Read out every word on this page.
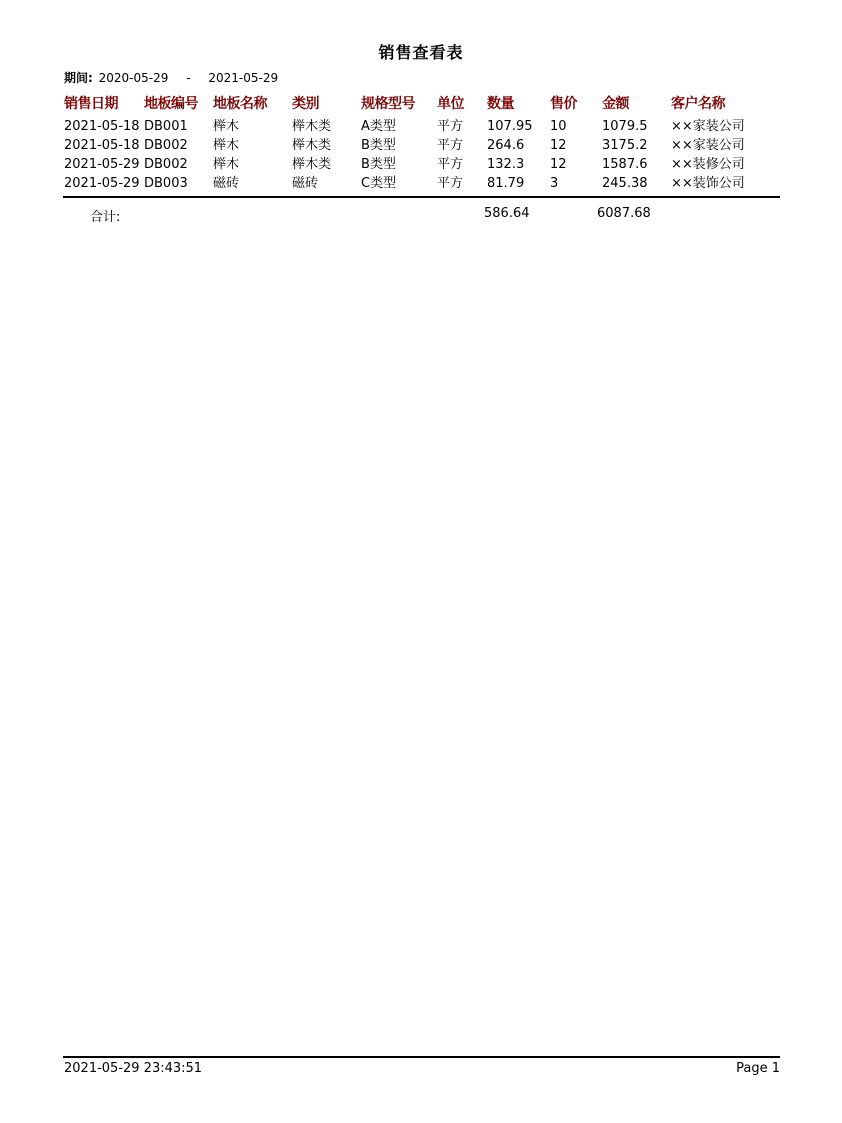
销售查看表
期间: 2020-05-29 - 2021-05-29
销售日期 地板编号 地板名称 类别	规格型号 单位 数量	售价 金额	客户名称
2021-05-18 DB001 榉木	榉木类 A类型	平方 107.95 10	1079.5 ××家装公司
2021-05-18 DB002 榉木	榉木类 B类型	平方 264.6 12	3175.2 ××家装公司
2021-05-29 DB002 榉木	榉木类 B类型	平方 132.3 12	1587.6 ××装修公司
2021-05-29 DB003 磁砖	磁砖	C类型	平方 81.79 3	245.38 ××装饰公司
合计:	586.64	6087.68
2021-05-29 23:43:51	Page 1
